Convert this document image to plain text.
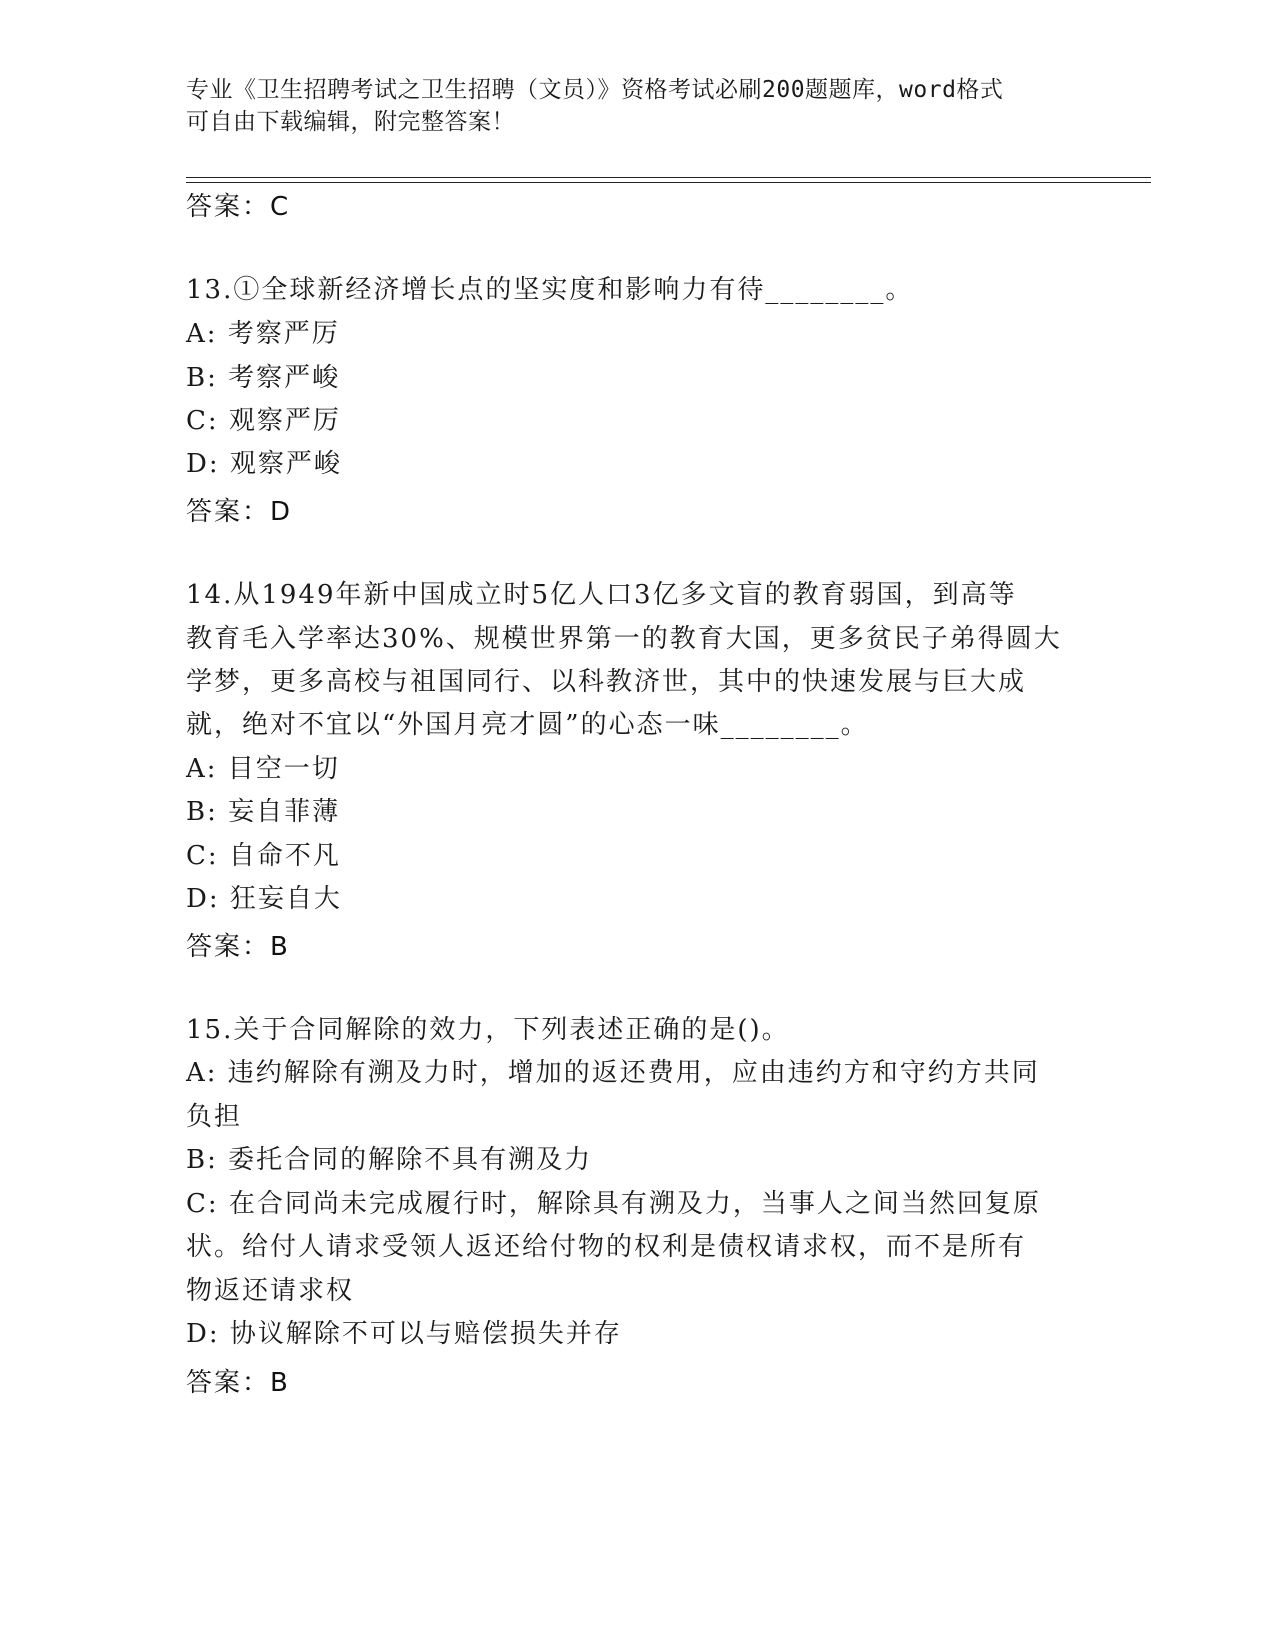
专业《卫生招聘考试之卫生招聘（文员）》资格考试必刷200题题库，word格式
可自由下载编辑，附完整答案！
答案：C
13.①全球新经济增长点的坚实度和影响力有待________。
A: 考察严厉
B: 考察严峻
C: 观察严厉
D: 观察严峻
答案：D
14.从1949年新中国成立时5亿人口3亿多文盲的教育弱国，到高等
教育毛入学率达30%、规模世界第一的教育大国，更多贫民子弟得圆大
学梦，更多高校与祖国同行、以科教济世，其中的快速发展与巨大成
就，绝对不宜以“外国月亮才圆”的心态一味________。
A: 目空一切
B: 妄自菲薄
C: 自命不凡
D: 狂妄自大
答案：B
15.关于合同解除的效力，下列表述正确的是()。
A: 违约解除有溯及力时，增加的返还费用，应由违约方和守约方共同
负担
B: 委托合同的解除不具有溯及力
C: 在合同尚未完成履行时，解除具有溯及力，当事人之间当然回复原
状。给付人请求受领人返还给付物的权利是债权请求权，而不是所有
物返还请求权
D: 协议解除不可以与赔偿损失并存
答案：B
